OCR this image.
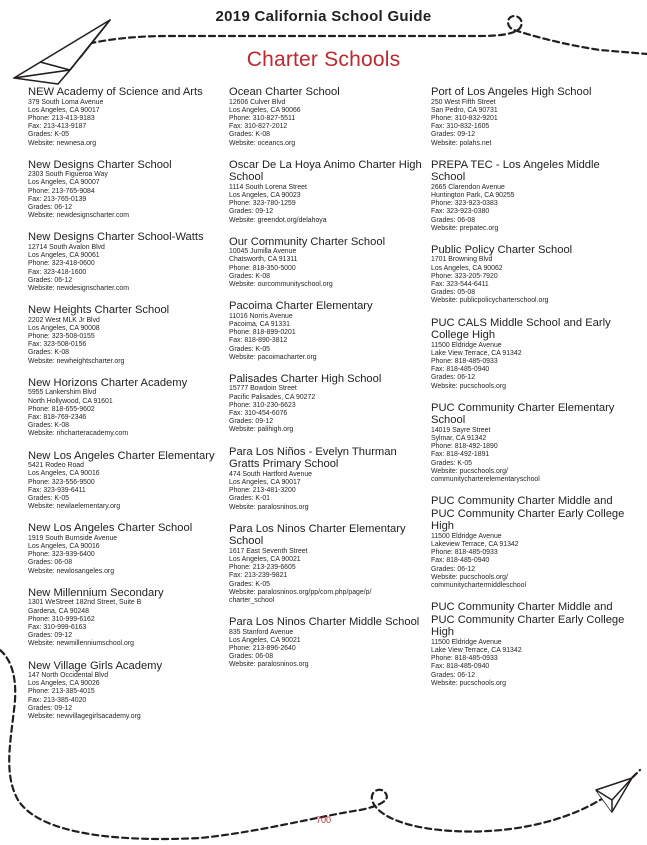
2019 California School Guide
Charter Schools
NEW Academy of Science and Arts
379 South Loma Avenue
Los Angeles, CA 90017
Phone: 213-413-9183
Fax: 213-413-9187
Grades: K-05
Website: newnesa.org
New Designs Charter School
2303 South Figueroa Way
Los Angeles, CA 90007
Phone: 213-765-9084
Fax: 213-765-0139
Grades: 06-12
Website: newdesignscharter.com
New Designs Charter School-Watts
12714 South Avalon Blvd
Los Angeles, CA 90061
Phone: 323-418-0600
Fax: 323-418-1600
Grades: 06-12
Website: newdesignscharter.com
New Heights Charter School
2202 West MLK Jr Blvd
Los Angeles, CA 90008
Phone: 323-508-0155
Fax: 323-508-0156
Grades: K-08
Website: newheightscharter.org
New Horizons Charter Academy
5955 Lankershim Blvd
North Hollywood, CA 91601
Phone: 818-655-9602
Fax: 818-769-2346
Grades: K-08
Website: nhcharteracademy.com
New Los Angeles Charter Elementary
5421 Rodeo Road
Los Angeles, CA 90016
Phone: 323-556-9500
Fax: 323-939-6411
Grades: K-05
Website: newlaelementary.org
New Los Angeles Charter School
1919 South Burnside Avenue
Los Angeles, CA 90016
Phone: 323-939-6400
Grades: 06-08
Website: newlosangeles.org
New Millennium Secondary
1301 WeStreet 182nd Street, Suite B
Gardena, CA 90248
Phone: 310-999-6162
Fax: 310-999-6163
Grades: 09-12
Website: newmillenniumschool.org
New Village Girls Academy
147 North Occidental Blvd
Los Angeles, CA 90026
Phone: 213-385-4015
Fax: 213-385-4020
Grades: 09-12
Website: newvillagegirlsacademy.org
Ocean Charter School
12606 Culver Blvd
Los Angeles, CA 90066
Phone: 310-827-5511
Fax: 310-827-2012
Grades: K-08
Website: oceancs.org
Oscar De La Hoya Animo Charter High School
1114 South Lorena Street
Los Angeles, CA 90023
Phone: 323-780-1259
Grades: 09-12
Website: greendot.org/delahoya
Our Community Charter School
10045 Jumilla Avenue
Chatsworth, CA 91311
Phone: 818-350-5000
Grades: K-08
Website: ourcommunityschool.org
Pacoima Charter Elementary
11016 Norris Avenue
Pacoima, CA 91331
Phone: 818-899-0201
Fax: 818-890-3812
Grades: K-05
Website: pacoimacharter.org
Palisades Charter High School
15777 Bowdoin Street
Pacific Palisades, CA 90272
Phone: 310-230-6623
Fax: 310-454-6076
Grades: 09-12
Website: palihigh.org
Para Los Niños - Evelyn Thurman Gratts Primary School
474 South Hartford Avenue
Los Angeles, CA 90017
Phone: 213-481-3200
Grades: K-01
Website: paralosninos.org
Para Los Ninos Charter Elementary School
1617 East Seventh Street
Los Angeles, CA 90021
Phone: 213-239-6605
Fax: 213-239-9821
Grades: K-05
Website: paralosninos.org/pp/com.php/page/p/
charter_school
Para Los Ninos Charter Middle School
835 Stanford Avenue
Los Angeles, CA 90021
Phone: 213-896-2640
Grades: 06-08
Website: paralosninos.org
Port of Los Angeles High School
250 West Fifth Street
San Pedro, CA 90731
Phone: 310-832-9201
Fax: 310-832-1605
Grades: 09-12
Website: polahs.net
PREPA TEC - Los Angeles Middle School
2665 Clarendon Avenue
Huntington Park, CA 90255
Phone: 323-923-0383
Fax: 323-923-0380
Grades: 06-08
Website: prepatec.org
Public Policy Charter School
1701 Browning Blvd
Los Angeles, CA 90062
Phone: 323-205-7920
Fax: 323-544-6411
Grades: 05-08
Website: publicpolicycharterschool.org
PUC CALS Middle School and Early College High
11500 Eldridge Avenue
Lake View Terrace, CA 91342
Phone: 818-485-0933
Fax: 818-485-0940
Grades: 06-12
Website: pucschools.org
PUC Community Charter Elementary School
14019 Sayre Street
Sylmar, CA 91342
Phone: 818-492-1890
Fax: 818-492-1891
Grades: K-05
Website: pucschools.org/
communitycharterelementaryschool
PUC Community Charter Middle and PUC Community Charter Early College High
11500 Eldridge Avenue
Lakeview Terrace, CA 91342
Phone: 818-485-0933
Fax: 818-485-0940
Grades: 06-12
Website: pucschools.org/
communitychartermiddleschool
PUC Community Charter Middle and PUC Community Charter Early College High
11500 Eldridge Avenue
Lake View Terrace, CA 91342
Phone: 818-485-0933
Fax: 818-485-0940
Grades: 06-12
Website: pucschools.org
700
